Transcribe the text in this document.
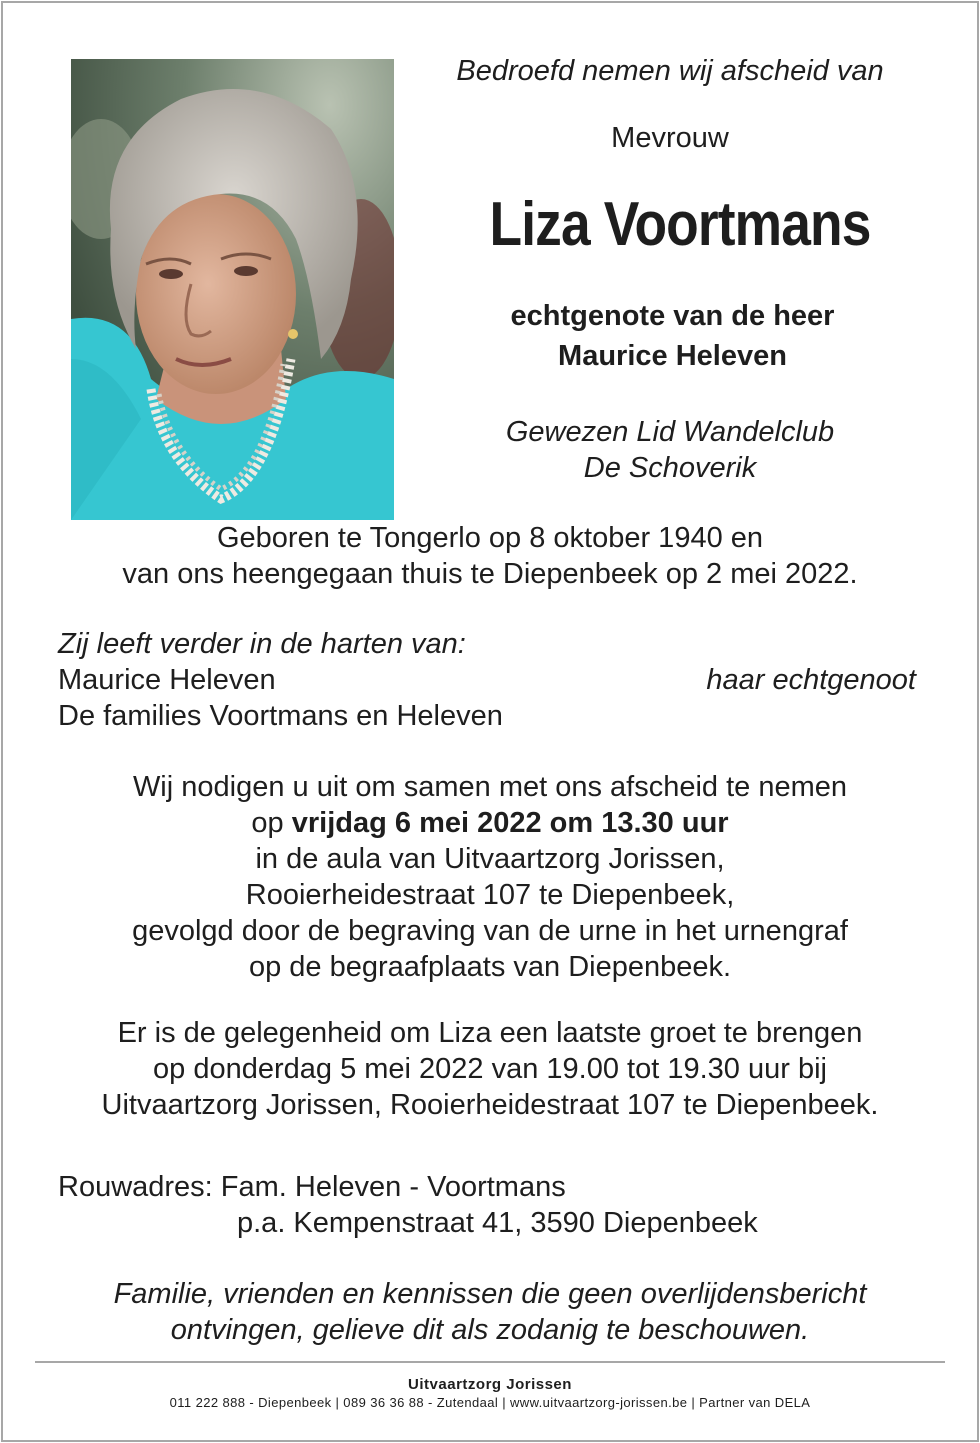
Bedroefd nemen wij afscheid van
Mevrouw
Liza Voortmans
echtgenote van de heer
Maurice Heleven
Gewezen Lid Wandelclub
De Schoverik
Geboren te Tongerlo op 8 oktober 1940 en
van ons heengegaan thuis te Diepenbeek op 2 mei 2022.
Zij leeft verder in de harten van:
Maurice Heleven	haar echtgenoot
De families Voortmans en Heleven
Wij nodigen u uit om samen met ons afscheid te nemen
op vrijdag 6 mei 2022 om 13.30 uur
in de aula van Uitvaartzorg Jorissen,
Rooierheidestraat 107 te Diepenbeek,
gevolgd door de begraving van de urne in het urnengraf
op de begraafplaats van Diepenbeek.
Er is de gelegenheid om Liza een laatste groet te brengen
op donderdag 5 mei 2022 van 19.00 tot 19.30 uur bij
Uitvaartzorg Jorissen, Rooierheidestraat 107 te Diepenbeek.
Rouwadres: Fam. Heleven - Voortmans
p.a. Kempenstraat 41, 3590 Diepenbeek
Familie, vrienden en kennissen die geen overlijdensbericht
ontvingen, gelieve dit als zodanig te beschouwen.
Uitvaartzorg Jorissen
011 222 888 - Diepenbeek | 089 36 36 88 - Zutendaal | www.uitvaartzorg-jorissen.be | Partner van DELA
